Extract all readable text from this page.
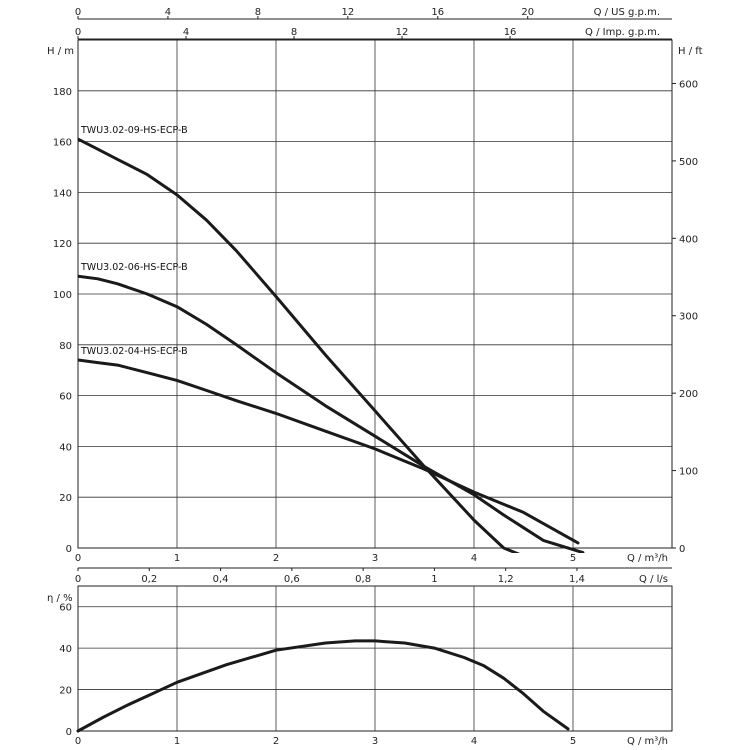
0	1	2	3	4	5
0
20
40
60
80
100
120
140
160
180
0
100
200
300
400
500
600
H / m	H / ft
Q / m³/h
0	4	8	12	16	20	Q / US g.p.m.
0	4	8	12	16	Q / Imp. g.p.m.
TWU3.02-09-HS-ECP-B
TWU3.02-06-HS-ECP-B
TWU3.02-04-HS-ECP-B
0	0,2	0,4	0,6	0,8	1	1,2	1,4	Q / l/s
0	1	2	3	4	5
0
20
40
60
η / %
Q / m³/h
